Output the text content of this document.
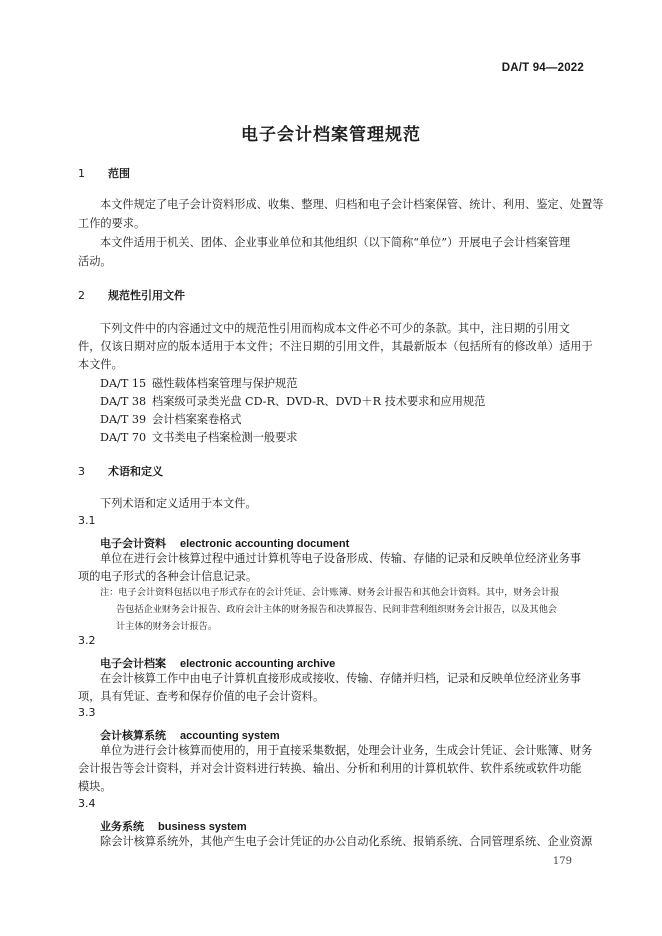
DA/T 94—2022
电子会计档案管理规范
1 范围
本文件规定了电子会计资料形成、收集、整理、归档和电子会计档案保管、统计、利用、鉴定、处置等
工作的要求。
本文件适用于机关、团体、企业事业单位和其他组织（以下简称“单位”）开展电子会计档案管理
活动。
2 规范性引用文件
下列文件中的内容通过文中的规范性引用而构成本文件必不可少的条款。其中，注日期的引用文
件，仅该日期对应的版本适用于本文件；不注日期的引用文件，其最新版本（包括所有的修改单）适用于
本文件。
DA/T 15 磁性载体档案管理与保护规范
DA/T 38 档案级可录类光盘 CD-R、DVD-R、DVD＋R 技术要求和应用规范
DA/T 39 会计档案案卷格式
DA/T 70 文书类电子档案检测一般要求
3 术语和定义
下列术语和定义适用于本文件。
3.1
电子会计资料 electronic accounting document
单位在进行会计核算过程中通过计算机等电子设备形成、传输、存储的记录和反映单位经济业务事
项的电子形式的各种会计信息记录。
注：电子会计资料包括以电子形式存在的会计凭证、会计账簿、财务会计报告和其他会计资料。其中，财务会计报
告包括企业财务会计报告、政府会计主体的财务报告和决算报告、民间非营利组织财务会计报告，以及其他会
计主体的财务会计报告。
3.2
电子会计档案 electronic accounting archive
在会计核算工作中由电子计算机直接形成或接收、传输、存储并归档，记录和反映单位经济业务事
项，具有凭证、查考和保存价值的电子会计资料。
3.3
会计核算系统 accounting system
单位为进行会计核算而使用的，用于直接采集数据，处理会计业务，生成会计凭证、会计账簿、财务
会计报告等会计资料，并对会计资料进行转换、输出、分析和利用的计算机软件、软件系统或软件功能
模块。
3.4
业务系统 business system
除会计核算系统外，其他产生电子会计凭证的办公自动化系统、报销系统、合同管理系统、企业资源
179
